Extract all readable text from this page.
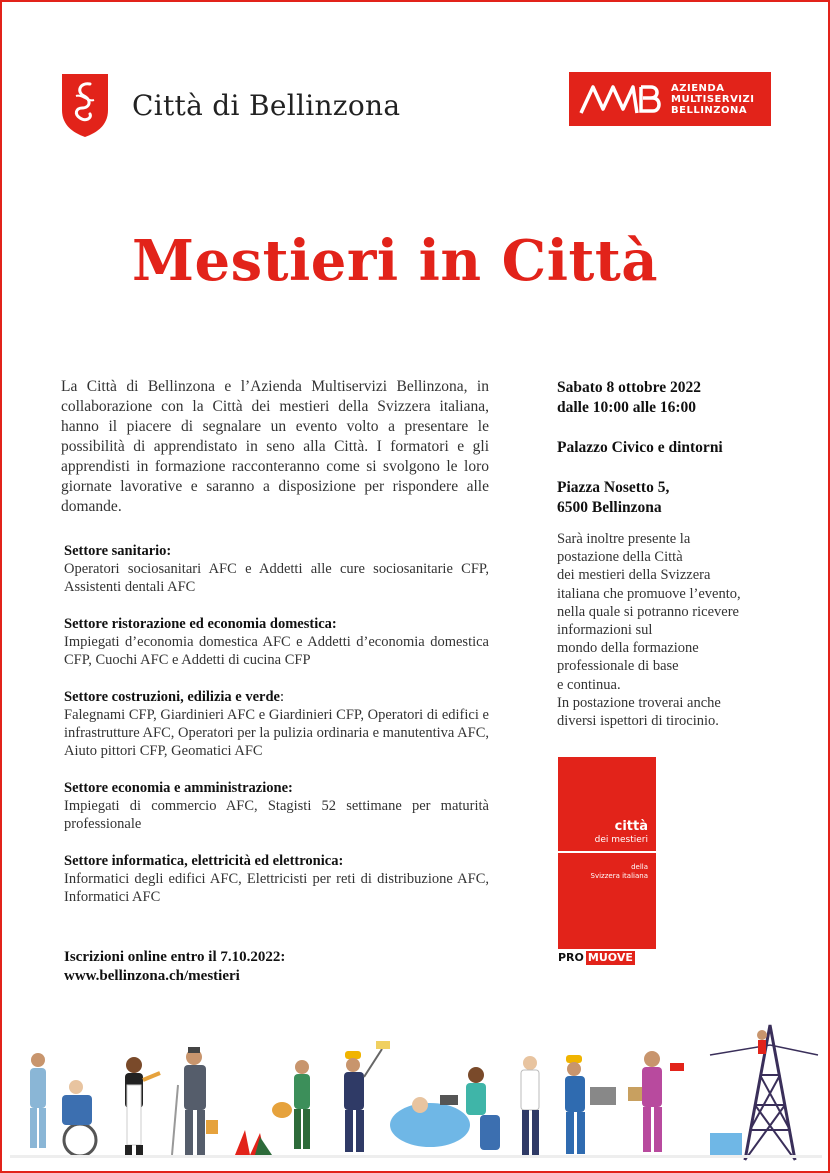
Città di Bellinzona
AZIENDA
MULTISERVIZI
BELLINZONA
Mestieri in Città

La Città di Bellinzona e l’Azienda Multiservizi Bellinzona, in collaborazione con la Città dei mestieri della Svizzera italiana, hanno il piacere di segnalare un evento volto a presentare le possibilità di apprendistato in seno alla Città. I formatori e gli apprendisti in formazione racconteranno come si svolgono le loro giornate lavorative e saranno a disposizione per rispondere alle domande.

Settore sanitario:
Operatori sociosanitari AFC e Addetti alle cure sociosanitarie CFP, Assistenti dentali AFC
Settore ristorazione ed economia domestica:
Impiegati d’economia domestica AFC e Addetti d’economia domestica CFP, Cuochi AFC e Addetti di cucina CFP
Settore costruzioni, edilizia e verde:
Falegnami CFP, Giardinieri AFC e Giardinieri CFP, Operatori di edifici e infrastrutture AFC, Operatori per la pulizia ordinaria e manutentiva AFC, Aiuto pittori CFP, Geomatici AFC
Settore economia e amministrazione:
Impiegati di commercio AFC, Stagisti 52 settimane per maturità professionale
Settore informatica, elettricità ed elettronica:
Informatici degli edifici AFC, Elettricisti per reti di distribuzione AFC, Informatici AFC
Iscrizioni online entro il 7.10.2022:
www.bellinzona.ch/mestieri
Sabato 8 ottobre 2022
dalle 10:00 alle 16:00
Palazzo Civico e dintorni
Piazza Nosetto 5,
6500 Bellinzona
Sarà inoltre presente la
postazione della Città
dei mestieri della Svizzera
italiana che promuove l’evento,
nella quale si potranno ricevere
informazioni sul
mondo della formazione
professionale di base
e continua.
In postazione troverai anche
diversi ispettori di tirocinio.
città
dei mestieri
della
Svizzera italiana
PRO MUOVE
